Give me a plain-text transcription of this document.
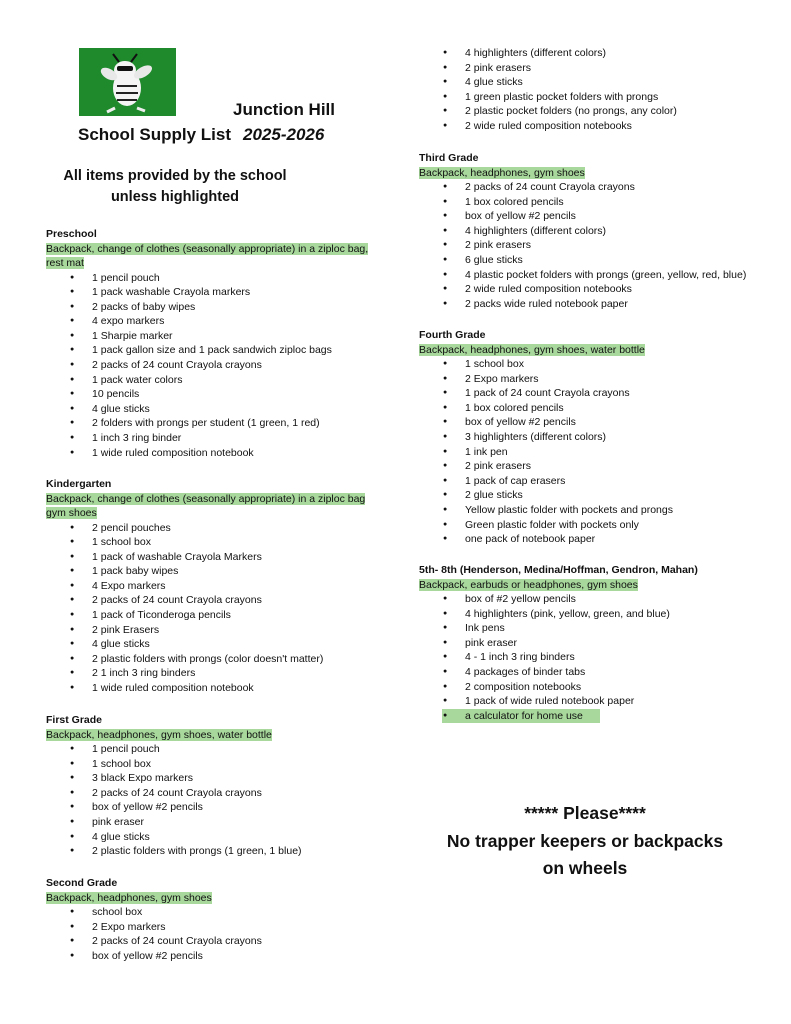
Junction Hill
School Supply List 2025-2026
All items provided by the school unless highlighted
Preschool
Backpack, change of clothes (seasonally appropriate) in a ziploc bag, rest mat
● 1 pencil pouch
● 1 pack washable Crayola markers
● 2 packs of baby wipes
● 4 expo markers
● 1 Sharpie marker
● 1 pack gallon size and 1 pack sandwich ziploc bags
● 2 packs of 24 count Crayola crayons
● 1 pack water colors
● 10 pencils
● 4 glue sticks
● 2 folders with prongs per student (1 green, 1 red)
● 1 inch 3 ring binder
● 1 wide ruled composition notebook
Kindergarten
Backpack, change of clothes (seasonally appropriate) in a ziploc bag gym shoes
● 2 pencil pouches
● 1 school box
● 1 pack of washable Crayola Markers
● 1 pack baby wipes
● 4 Expo markers
● 2 packs of 24 count Crayola crayons
● 1 pack of Ticonderoga pencils
● 2 pink Erasers
● 4 glue sticks
● 2 plastic folders with prongs (color doesn't matter)
● 2 1 inch 3 ring binders
● 1 wide ruled composition notebook
First Grade
Backpack, headphones, gym shoes, water bottle
● 1 pencil pouch
● 1 school box
● 3 black Expo markers
● 2 packs of 24 count Crayola crayons
● box of yellow #2 pencils
● pink eraser
● 4 glue sticks
● 2 plastic folders with prongs (1 green, 1 blue)
Second Grade
Backpack, headphones, gym shoes
● school box
● 2 Expo markers
● 2 packs of 24 count Crayola crayons
● box of yellow #2 pencils
● 4 highlighters (different colors)
● 2 pink erasers
● 4 glue sticks
● 1 green plastic pocket folders with prongs
● 2 plastic pocket folders (no prongs, any color)
● 2 wide ruled composition notebooks
Third Grade
Backpack, headphones, gym shoes
● 2 packs of 24 count Crayola crayons
● 1 box colored pencils
● box of yellow #2 pencils
● 4 highlighters (different colors)
● 2 pink erasers
● 6 glue sticks
● 4 plastic pocket folders with prongs (green, yellow, red, blue)
● 2 wide ruled composition notebooks
● 2 packs wide ruled notebook paper
Fourth Grade
Backpack, headphones, gym shoes, water bottle
● 1 school box
● 2 Expo markers
● 1 pack of 24 count Crayola crayons
● 1 box colored pencils
● box of yellow #2 pencils
● 3 highlighters (different colors)
● 1 ink pen
● 2 pink erasers
● 1 pack of cap erasers
● 2 glue sticks
● Yellow plastic folder with pockets and prongs
● Green plastic folder with pockets only
● one pack of notebook paper
5th- 8th (Henderson, Medina/Hoffman, Gendron, Mahan)
Backpack, earbuds or headphones, gym shoes
● box of #2 yellow pencils
● 4 highlighters (pink, yellow, green, and blue)
● Ink pens
● pink eraser
● 4 - 1 inch 3 ring binders
● 4 packages of binder tabs
● 2 composition notebooks
● 1 pack of wide ruled notebook paper
● a calculator for home use
***** Please****
No trapper keepers or backpacks
on wheels
